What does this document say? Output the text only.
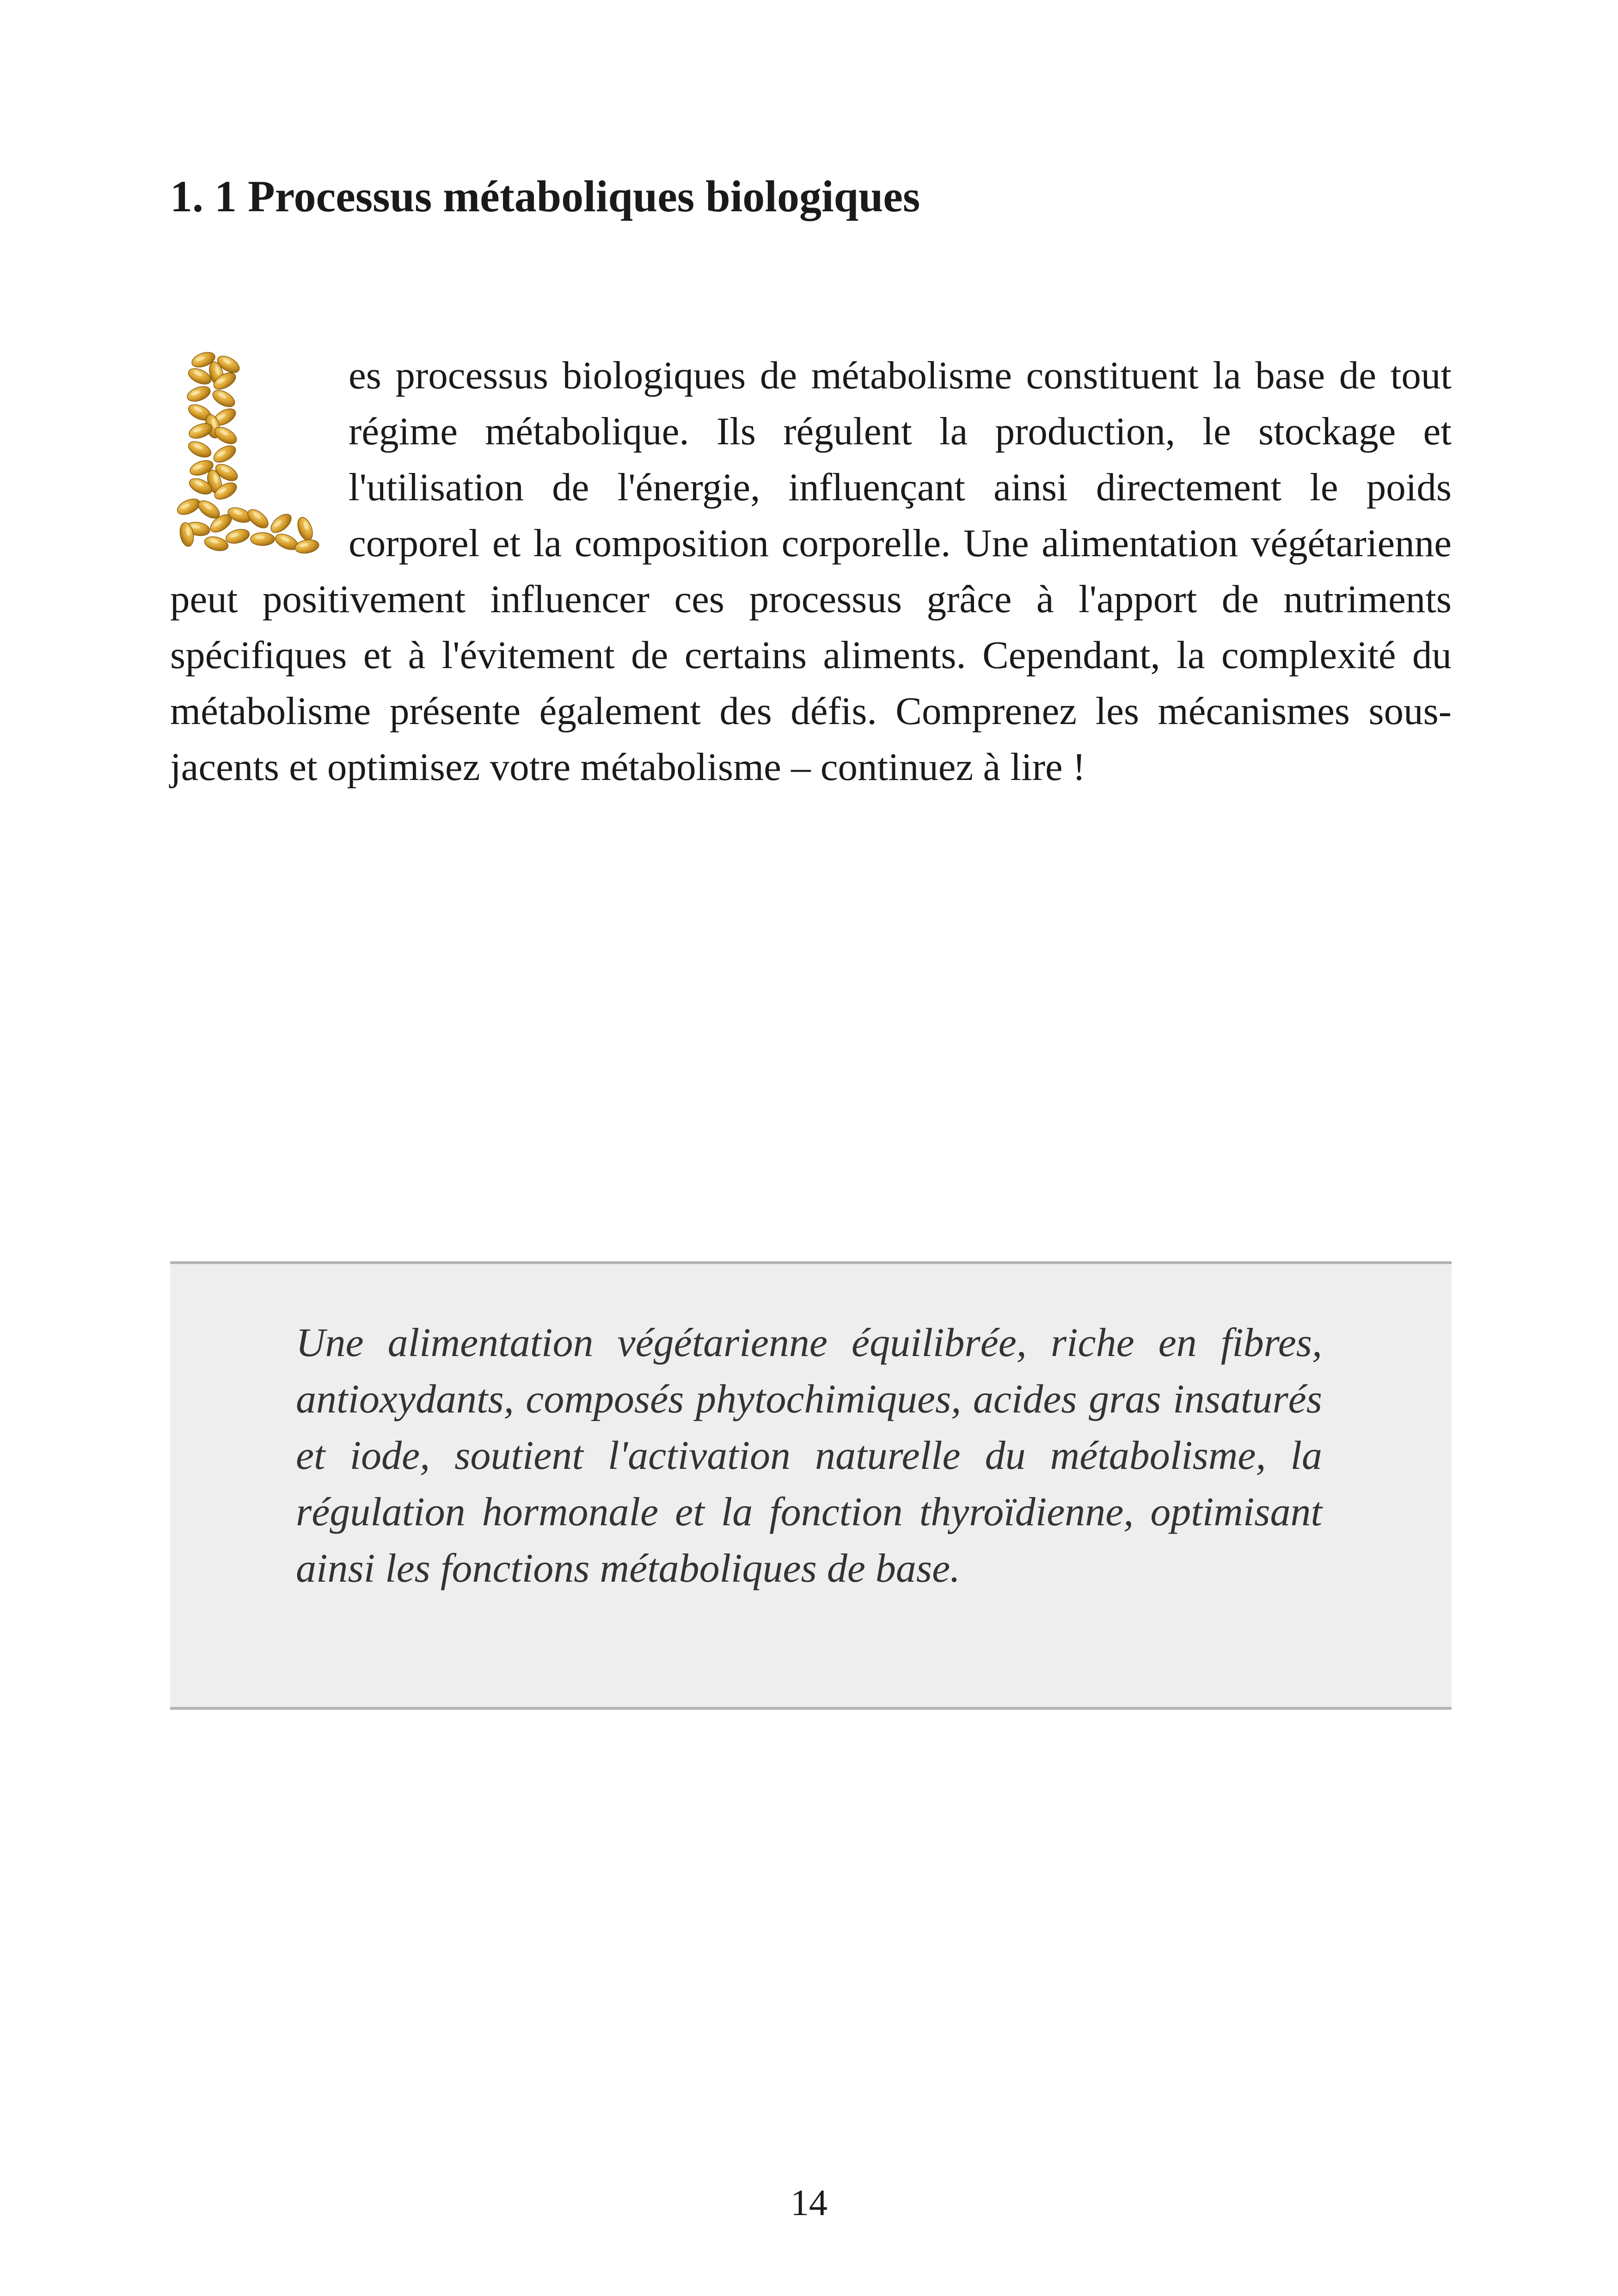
1. 1 Processus métaboliques biologiques

es processus biologiques de métabolisme constituent la base de tout régime métabolique. Ils régulent la production, le stockage et l'utilisation de l'énergie, influençant ainsi directement le poids corporel et la composition corporelle. Une alimentation végétarienne peut positivement influencer ces processus grâce à l'apport de nutriments spécifiques et à l'évitement de certains aliments. Cependant, la complexité du métabolisme présente également des défis. Comprenez les mécanismes sous-jacents et optimisez votre métabolisme – continuez à lire !

Une alimentation végétarienne équilibrée, riche en fibres, antioxydants, composés phytochimiques, acides gras insaturés et iode, soutient l'activation naturelle du métabolisme, la régulation hormonale et la fonction thyroïdienne, optimisant ainsi les fonctions métaboliques de base.

14
